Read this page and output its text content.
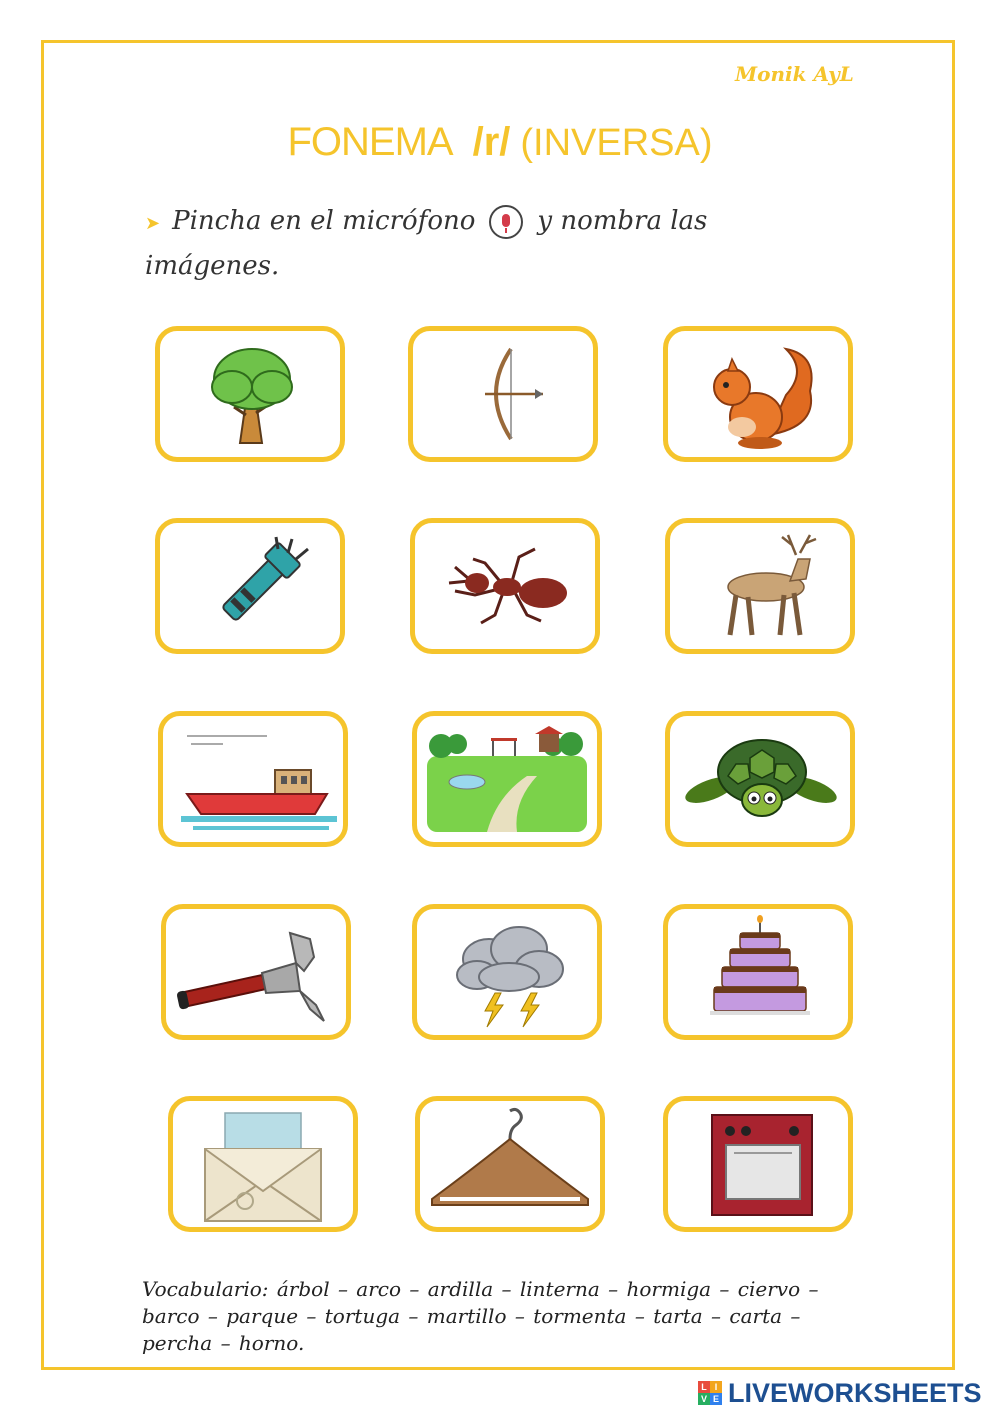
Monik AyL
FONEMA /r/ (INVERSA)
➤ Pincha en el micrófono y nombra las imágenes.
Vocabulario: árbol – arco – ardilla – linterna – hormiga – ciervo – barco – parque – tortuga – martillo – tormenta – tarta – carta – percha – horno.
L I
V E LIVEWORKSHEETS
